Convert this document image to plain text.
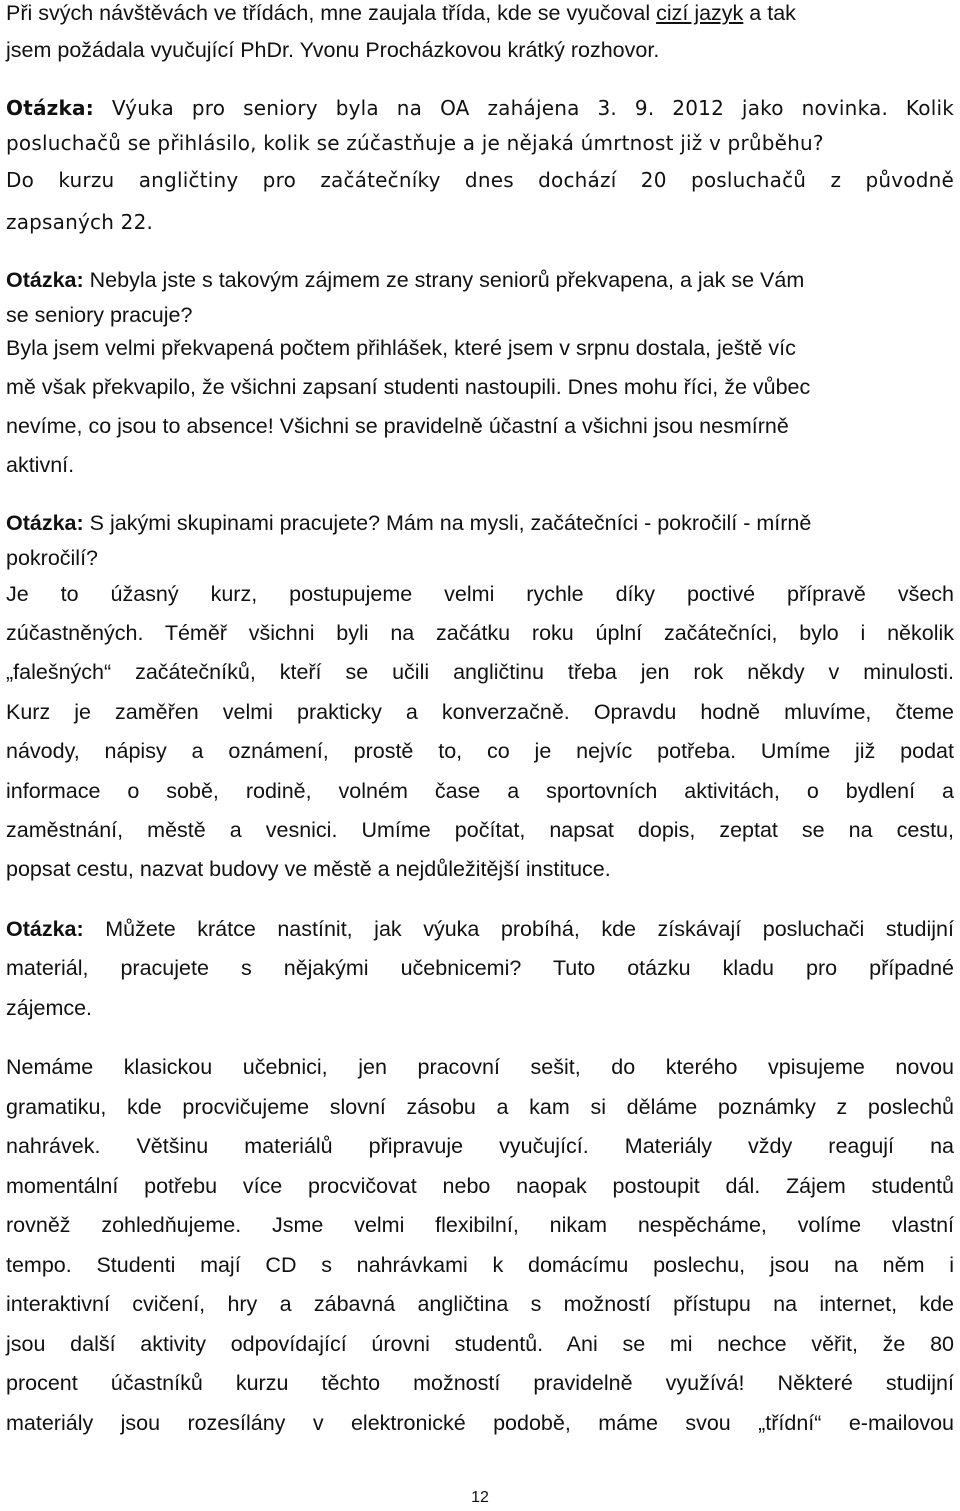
Při svých návštěvách ve třídách, mne zaujala třída, kde se vyučoval cizí jazyk a tak
jsem požádala vyučující PhDr. Yvonu Procházkovou krátký rozhovor.
Otázka: Výuka pro seniory byla na OA zahájena 3. 9. 2012 jako novinka. Kolik
posluchačů se přihlásilo, kolik se zúčastňuje a je nějaká úmrtnost již v průběhu?
Do kurzu angličtiny pro začátečníky dnes dochází 20 posluchačů z původně
zapsaných 22.
Otázka: Nebyla jste s takovým zájmem ze strany seniorů překvapena, a jak se Vám
se seniory pracuje?
Byla jsem velmi překvapená počtem přihlášek, které jsem v srpnu dostala, ještě víc
mě však překvapilo, že všichni zapsaní studenti nastoupili. Dnes mohu říci, že vůbec
nevíme, co jsou to absence! Všichni se pravidelně účastní a všichni jsou nesmírně
aktivní.
Otázka: S jakými skupinami pracujete? Mám na mysli, začátečníci - pokročilí - mírně
pokročilí?
Je to úžasný kurz, postupujeme velmi rychle díky poctivé přípravě všech
zúčastněných. Téměř všichni byli na začátku roku úplní začátečníci, bylo i několik
„falešných“ začátečníků, kteří se učili angličtinu třeba jen rok někdy v minulosti.
Kurz je zaměřen velmi prakticky a konverzačně. Opravdu hodně mluvíme, čteme
návody, nápisy a oznámení, prostě to, co je nejvíc potřeba. Umíme již podat
informace o sobě, rodině, volném čase a sportovních aktivitách, o bydlení a
zaměstnání, městě a vesnici. Umíme počítat, napsat dopis, zeptat se na cestu,
popsat cestu, nazvat budovy ve městě a nejdůležitější instituce.
Otázka: Můžete krátce nastínit, jak výuka probíhá, kde získávají posluchači studijní
materiál, pracujete s nějakými učebnicemi? Tuto otázku kladu pro případné
zájemce.
Nemáme klasickou učebnici, jen pracovní sešit, do kterého vpisujeme novou
gramatiku, kde procvičujeme slovní zásobu a kam si děláme poznámky z poslechů
nahrávek. Většinu materiálů připravuje vyučující. Materiály vždy reagují na
momentální potřebu více procvičovat nebo naopak postoupit dál. Zájem studentů
rovněž zohledňujeme. Jsme velmi flexibilní, nikam nespěcháme, volíme vlastní
tempo. Studenti mají CD s nahrávkami k domácímu poslechu, jsou na něm i
interaktivní cvičení, hry a zábavná angličtina s možností přístupu na internet, kde
jsou další aktivity odpovídající úrovni studentů. Ani se mi nechce věřit, že 80
procent účastníků kurzu těchto možností pravidelně využívá! Některé studijní
materiály jsou rozesílány v elektronické podobě, máme svou „třídní“ e-mailovou
12
